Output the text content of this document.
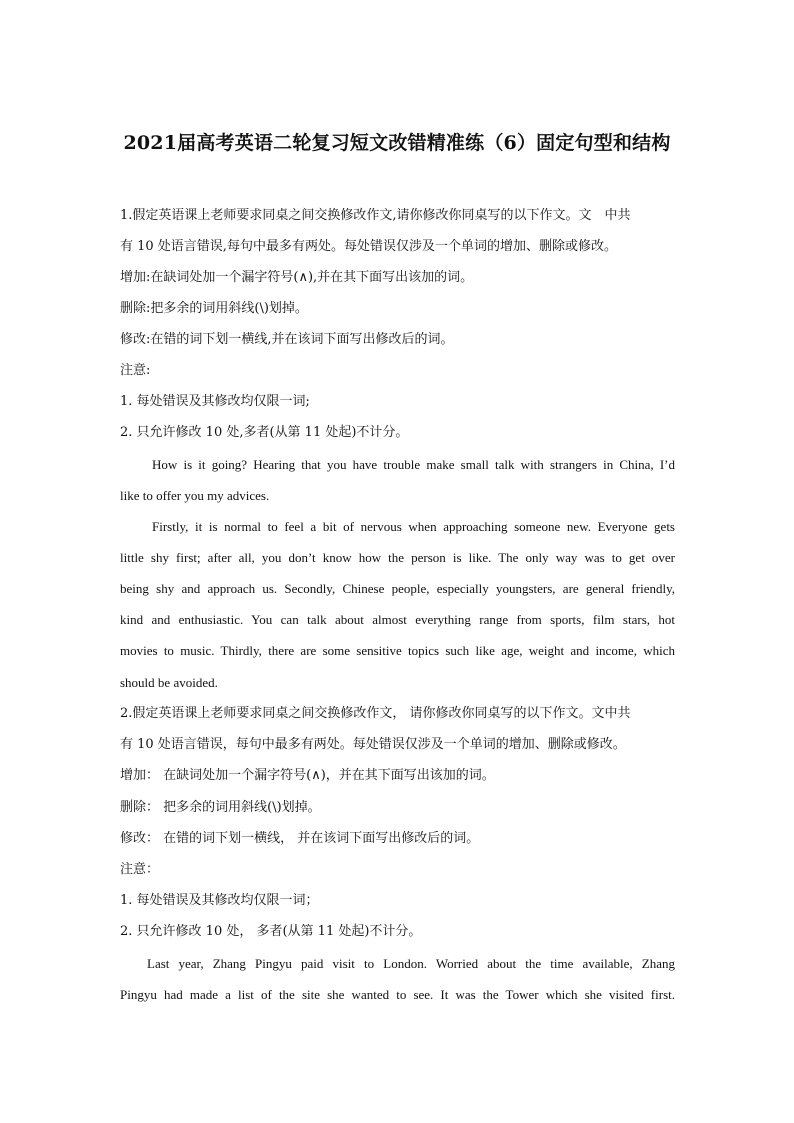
2021届高考英语二轮复习短文改错精准练（6）固定句型和结构
1.假定英语课上老师要求同桌之间交换修改作文,请你修改你同桌写的以下作文。文　中共
有 10 处语言错误,每句中最多有两处。每处错误仅涉及一个单词的增加、删除或修改。
增加:在缺词处加一个漏字符号(∧),并在其下面写出该加的词。
删除:把多余的词用斜线(\)划掉。
修改:在错的词下划一横线,并在该词下面写出修改后的词。
注意:
1. 每处错误及其修改均仅限一词;
2. 只允许修改 10 处,多者(从第 11 处起)不计分。
How is it going? Hearing that you have trouble make small talk with strangers in China, I’d
like to offer you my advices.
Firstly, it is normal to feel a bit of nervous when approaching someone new. Everyone gets
little shy first; after all, you don’t know how the person is like. The only way was to get over
being shy and approach us. Secondly, Chinese people, especially youngsters, are general friendly,
kind and enthusiastic. You can talk about almost everything range from sports, film stars, hot
movies to music. Thirdly, there are some sensitive topics such like age, weight and income, which
should be avoided.
2.假定英语课上老师要求同桌之间交换修改作文， 请你修改你同桌写的以下作文。文中共
有 10 处语言错误，每句中最多有两处。每处错误仅涉及一个单词的增加、删除或修改。
增加： 在缺词处加一个漏字符号(∧)，并在其下面写出该加的词。
删除： 把多余的词用斜线(\)划掉。
修改： 在错的词下划一横线， 并在该词下面写出修改后的词。
注意：
1. 每处错误及其修改均仅限一词；
2. 只允许修改 10 处， 多者(从第 11 处起)不计分。
Last year, Zhang Pingyu paid visit to London. Worried about the time available, Zhang
Pingyu had made a list of the site she wanted to see. It was the Tower which she visited first.
